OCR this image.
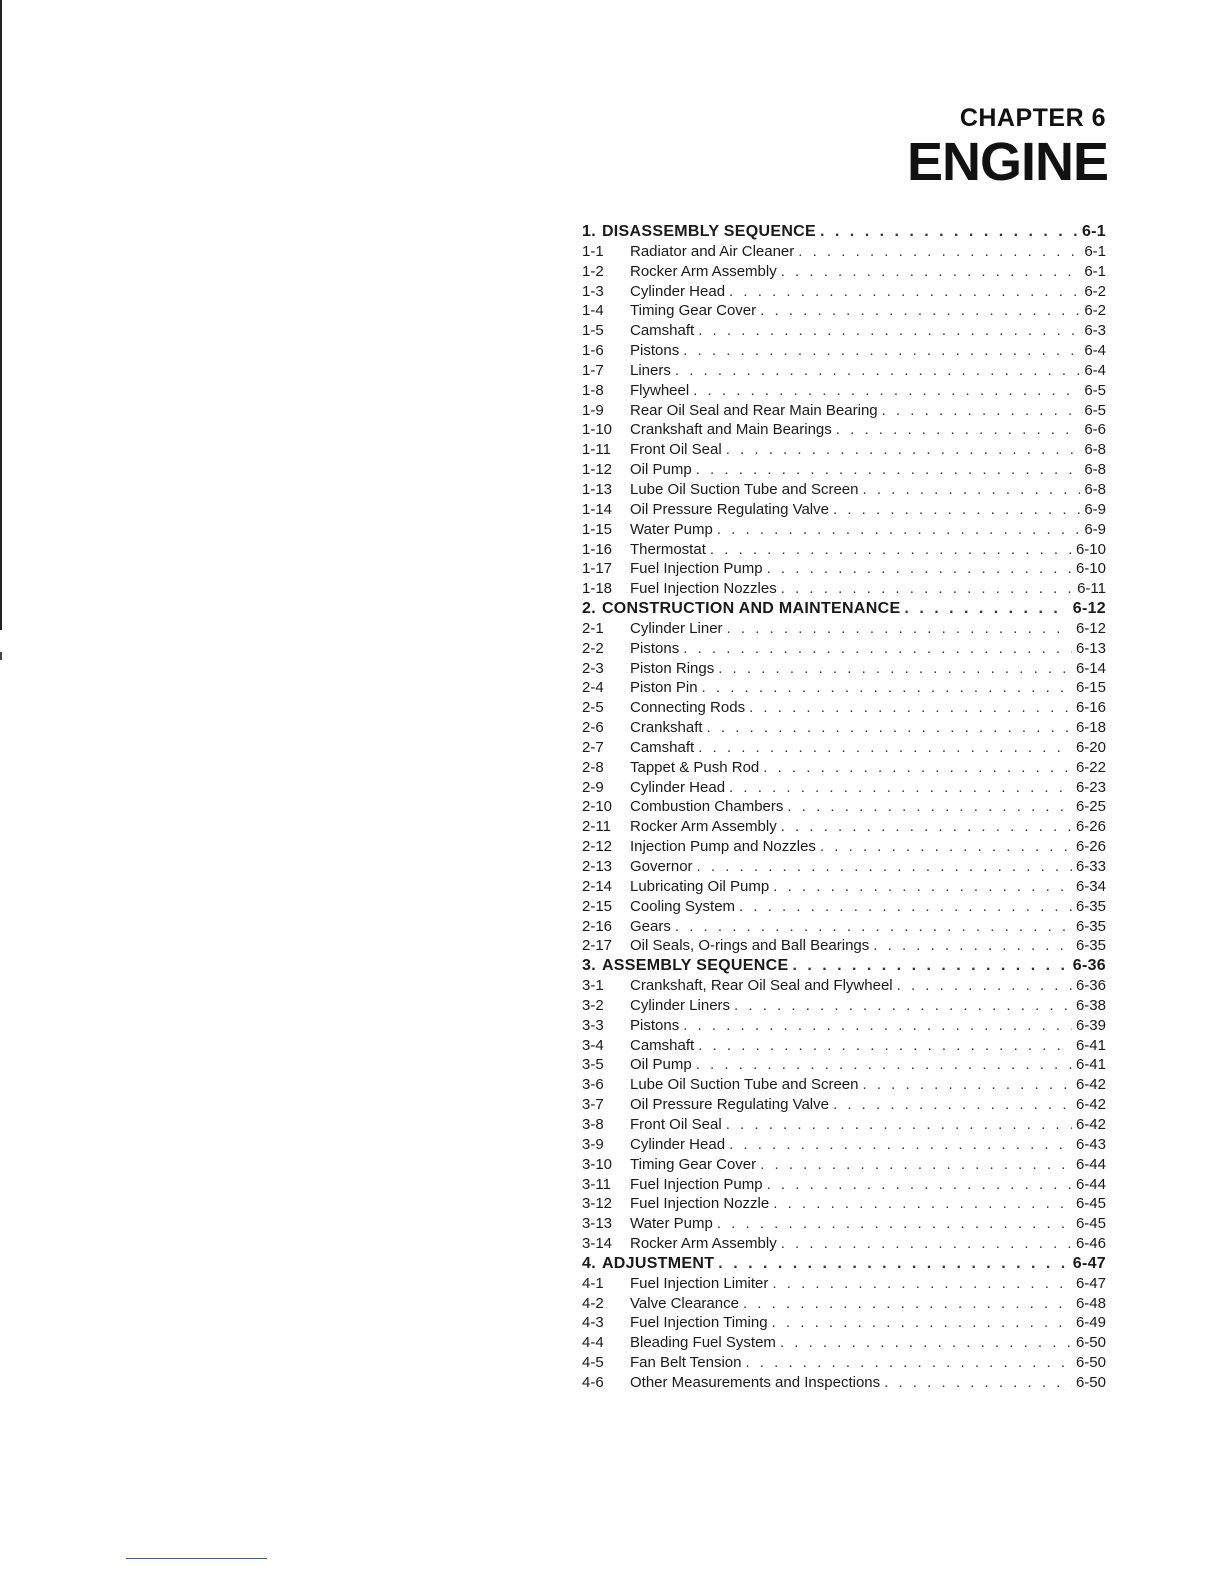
CHAPTER 6
ENGINE
1. DISASSEMBLY SEQUENCE . . .	6-1
1-1	Radiator and Air Cleaner . . .	6-1
1-2	Rocker Arm Assembly . . .	6-1
1-3	Cylinder Head . . .	6-2
1-4	Timing Gear Cover . . .	6-2
1-5	Camshaft . . .	6-3
1-6	Pistons . . .	6-4
1-7	Liners . . .	6-4
1-8	Flywheel . . .	6-5
1-9	Rear Oil Seal and Rear Main Bearing . . .	6-5
1-10	Crankshaft and Main Bearings . . .	6-6
1-11	Front Oil Seal . . .	6-8
1-12	Oil Pump . . .	6-8
1-13	Lube Oil Suction Tube and Screen . . .	6-8
1-14	Oil Pressure Regulating Valve . . .	6-9
1-15	Water Pump . . .	6-9
1-16	Thermostat . . .	6-10
1-17	Fuel Injection Pump . . .	6-10
1-18	Fuel Injection Nozzles . . .	6-11
2. CONSTRUCTION AND MAINTENANCE . . .	6-12
2-1	Cylinder Liner . . .	6-12
2-2	Pistons . . .	6-13
2-3	Piston Rings . . .	6-14
2-4	Piston Pin . . .	6-15
2-5	Connecting Rods . . .	6-16
2-6	Crankshaft . . .	6-18
2-7	Camshaft . . .	6-20
2-8	Tappet & Push Rod . . .	6-22
2-9	Cylinder Head . . .	6-23
2-10	Combustion Chambers . . .	6-25
2-11	Rocker Arm Assembly . . .	6-26
2-12	Injection Pump and Nozzles . . .	6-26
2-13	Governor . . .	6-33
2-14	Lubricating Oil Pump . . .	6-34
2-15	Cooling System . . .	6-35
2-16	Gears . . .	6-35
2-17	Oil Seals, O-rings and Ball Bearings . . .	6-35
3. ASSEMBLY SEQUENCE . . .	6-36
3-1	Crankshaft, Rear Oil Seal and Flywheel . . .	6-36
3-2	Cylinder Liners . . .	6-38
3-3	Pistons . . .	6-39
3-4	Camshaft . . .	6-41
3-5	Oil Pump . . .	6-41
3-6	Lube Oil Suction Tube and Screen . . .	6-42
3-7	Oil Pressure Regulating Valve . . .	6-42
3-8	Front Oil Seal . . .	6-42
3-9	Cylinder Head . . .	6-43
3-10	Timing Gear Cover . . .	6-44
3-11	Fuel Injection Pump . . .	6-44
3-12	Fuel Injection Nozzle . . .	6-45
3-13	Water Pump . . .	6-45
3-14	Rocker Arm Assembly . . .	6-46
4. ADJUSTMENT . . .	6-47
4-1	Fuel Injection Limiter . . .	6-47
4-2	Valve Clearance . . .	6-48
4-3	Fuel Injection Timing . . .	6-49
4-4	Bleading Fuel System . . .	6-50
4-5	Fan Belt Tension . . .	6-50
4-6	Other Measurements and Inspections . . .	6-50
